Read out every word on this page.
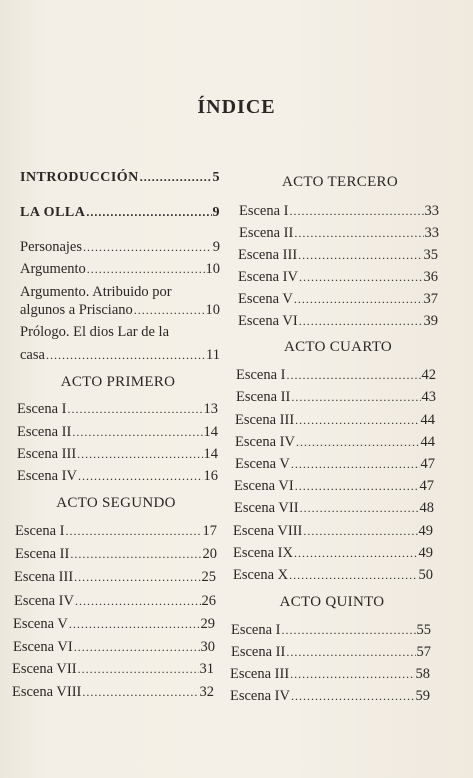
ÍNDICE
INTRODUCCIÓN .....	5
LA OLLA .....	9
Personajes .....	9
Argumento .....	10
Argumento. Atribuido por
algunos a Prisciano .....	10
Prólogo. El dios Lar de la
casa .....	11
ACTO PRIMERO
Escena I .....	13
Escena II .....	14
Escena III .....	14
Escena IV .....	16
ACTO SEGUNDO
Escena I .....	17
Escena II .....	20
Escena III .....	25
Escena IV .....	26
Escena V .....	29
Escena VI .....	30
Escena VII .....	31
Escena VIII .....	32
ACTO TERCERO
Escena I .....	33
Escena II .....	33
Escena III .....	35
Escena IV .....	36
Escena V .....	37
Escena VI .....	39
ACTO CUARTO
Escena I .....	42
Escena II .....	43
Escena III .....	44
Escena IV .....	44
Escena V .....	47
Escena VI .....	47
Escena VII .....	48
Escena VIII .....	49
Escena IX .....	49
Escena X .....	50
ACTO QUINTO
Escena I .....	55
Escena II .....	57
Escena III .....	58
Escena IV .....	59
